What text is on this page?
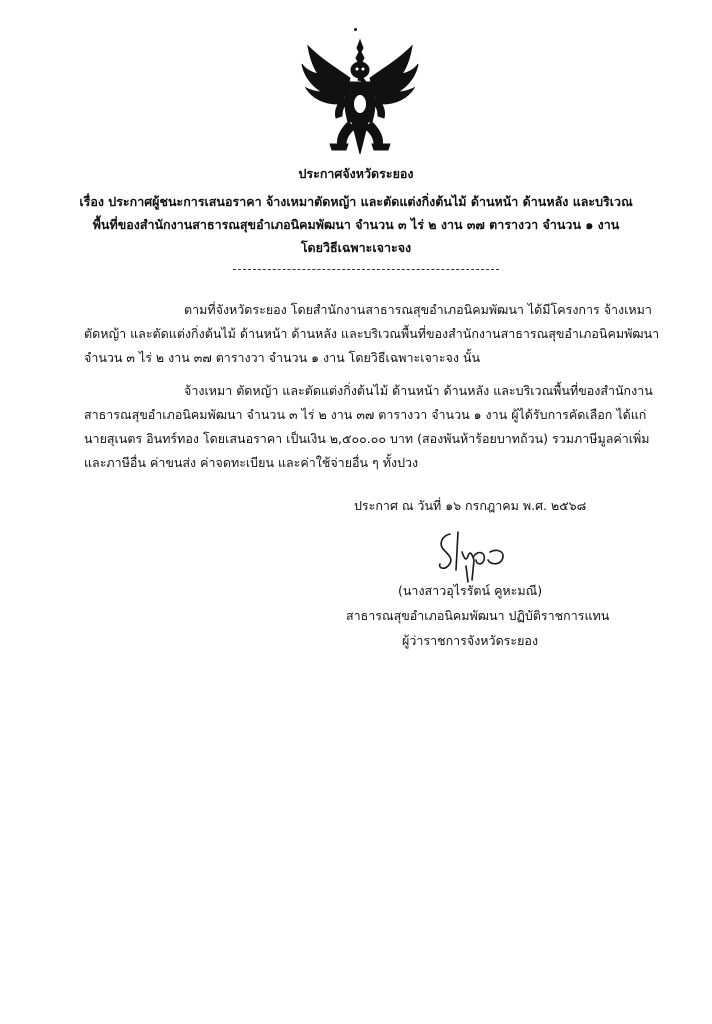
ประกาศจังหวัดระยอง
เรื่อง ประกาศผู้ชนะการเสนอราคา จ้างเหมาตัดหญ้า และตัดแต่งกิ่งต้นไม้ ด้านหน้า ด้านหลัง และบริเวณ
พื้นที่ของสำนักงานสาธารณสุขอำเภอนิคมพัฒนา จำนวน ๓ ไร่ ๒ งาน ๓๗ ตารางวา จำนวน ๑ งาน
โดยวิธีเฉพาะเจาะจง
ตามที่จังหวัดระยอง โดยสำนักงานสาธารณสุขอำเภอนิคมพัฒนา ได้มีโครงการ จ้างเหมา
ตัดหญ้า และตัดแต่งกิ่งต้นไม้ ด้านหน้า ด้านหลัง และบริเวณพื้นที่ของสำนักงานสาธารณสุขอำเภอนิคมพัฒนา
จำนวน ๓ ไร่ ๒ งาน ๓๗ ตารางวา จำนวน ๑ งาน โดยวิธีเฉพาะเจาะจง นั้น
จ้างเหมา ตัดหญ้า และตัดแต่งกิ่งต้นไม้ ด้านหน้า ด้านหลัง และบริเวณพื้นที่ของสำนักงาน
สาธารณสุขอำเภอนิคมพัฒนา จำนวน ๓ ไร่ ๒ งาน ๓๗ ตารางวา จำนวน ๑ งาน ผู้ได้รับการคัดเลือก ได้แก่
นายสุเนตร อินทร์ทอง โดยเสนอราคา เป็นเงิน ๒,๕๐๐.๐๐ บาท (สองพันห้าร้อยบาทถ้วน) รวมภาษีมูลค่าเพิ่ม
และภาษีอื่น ค่าขนส่ง ค่าจดทะเบียน และค่าใช้จ่ายอื่น ๆ ทั้งปวง
ประกาศ ณ วันที่ ๑๖ กรกฎาคม พ.ศ. ๒๕๖๘
(นางสาวอุไรรัตน์ คูหะมณี)
สาธารณสุขอำเภอนิคมพัฒนา ปฏิบัติราชการแทน
ผู้ว่าราชการจังหวัดระยอง
